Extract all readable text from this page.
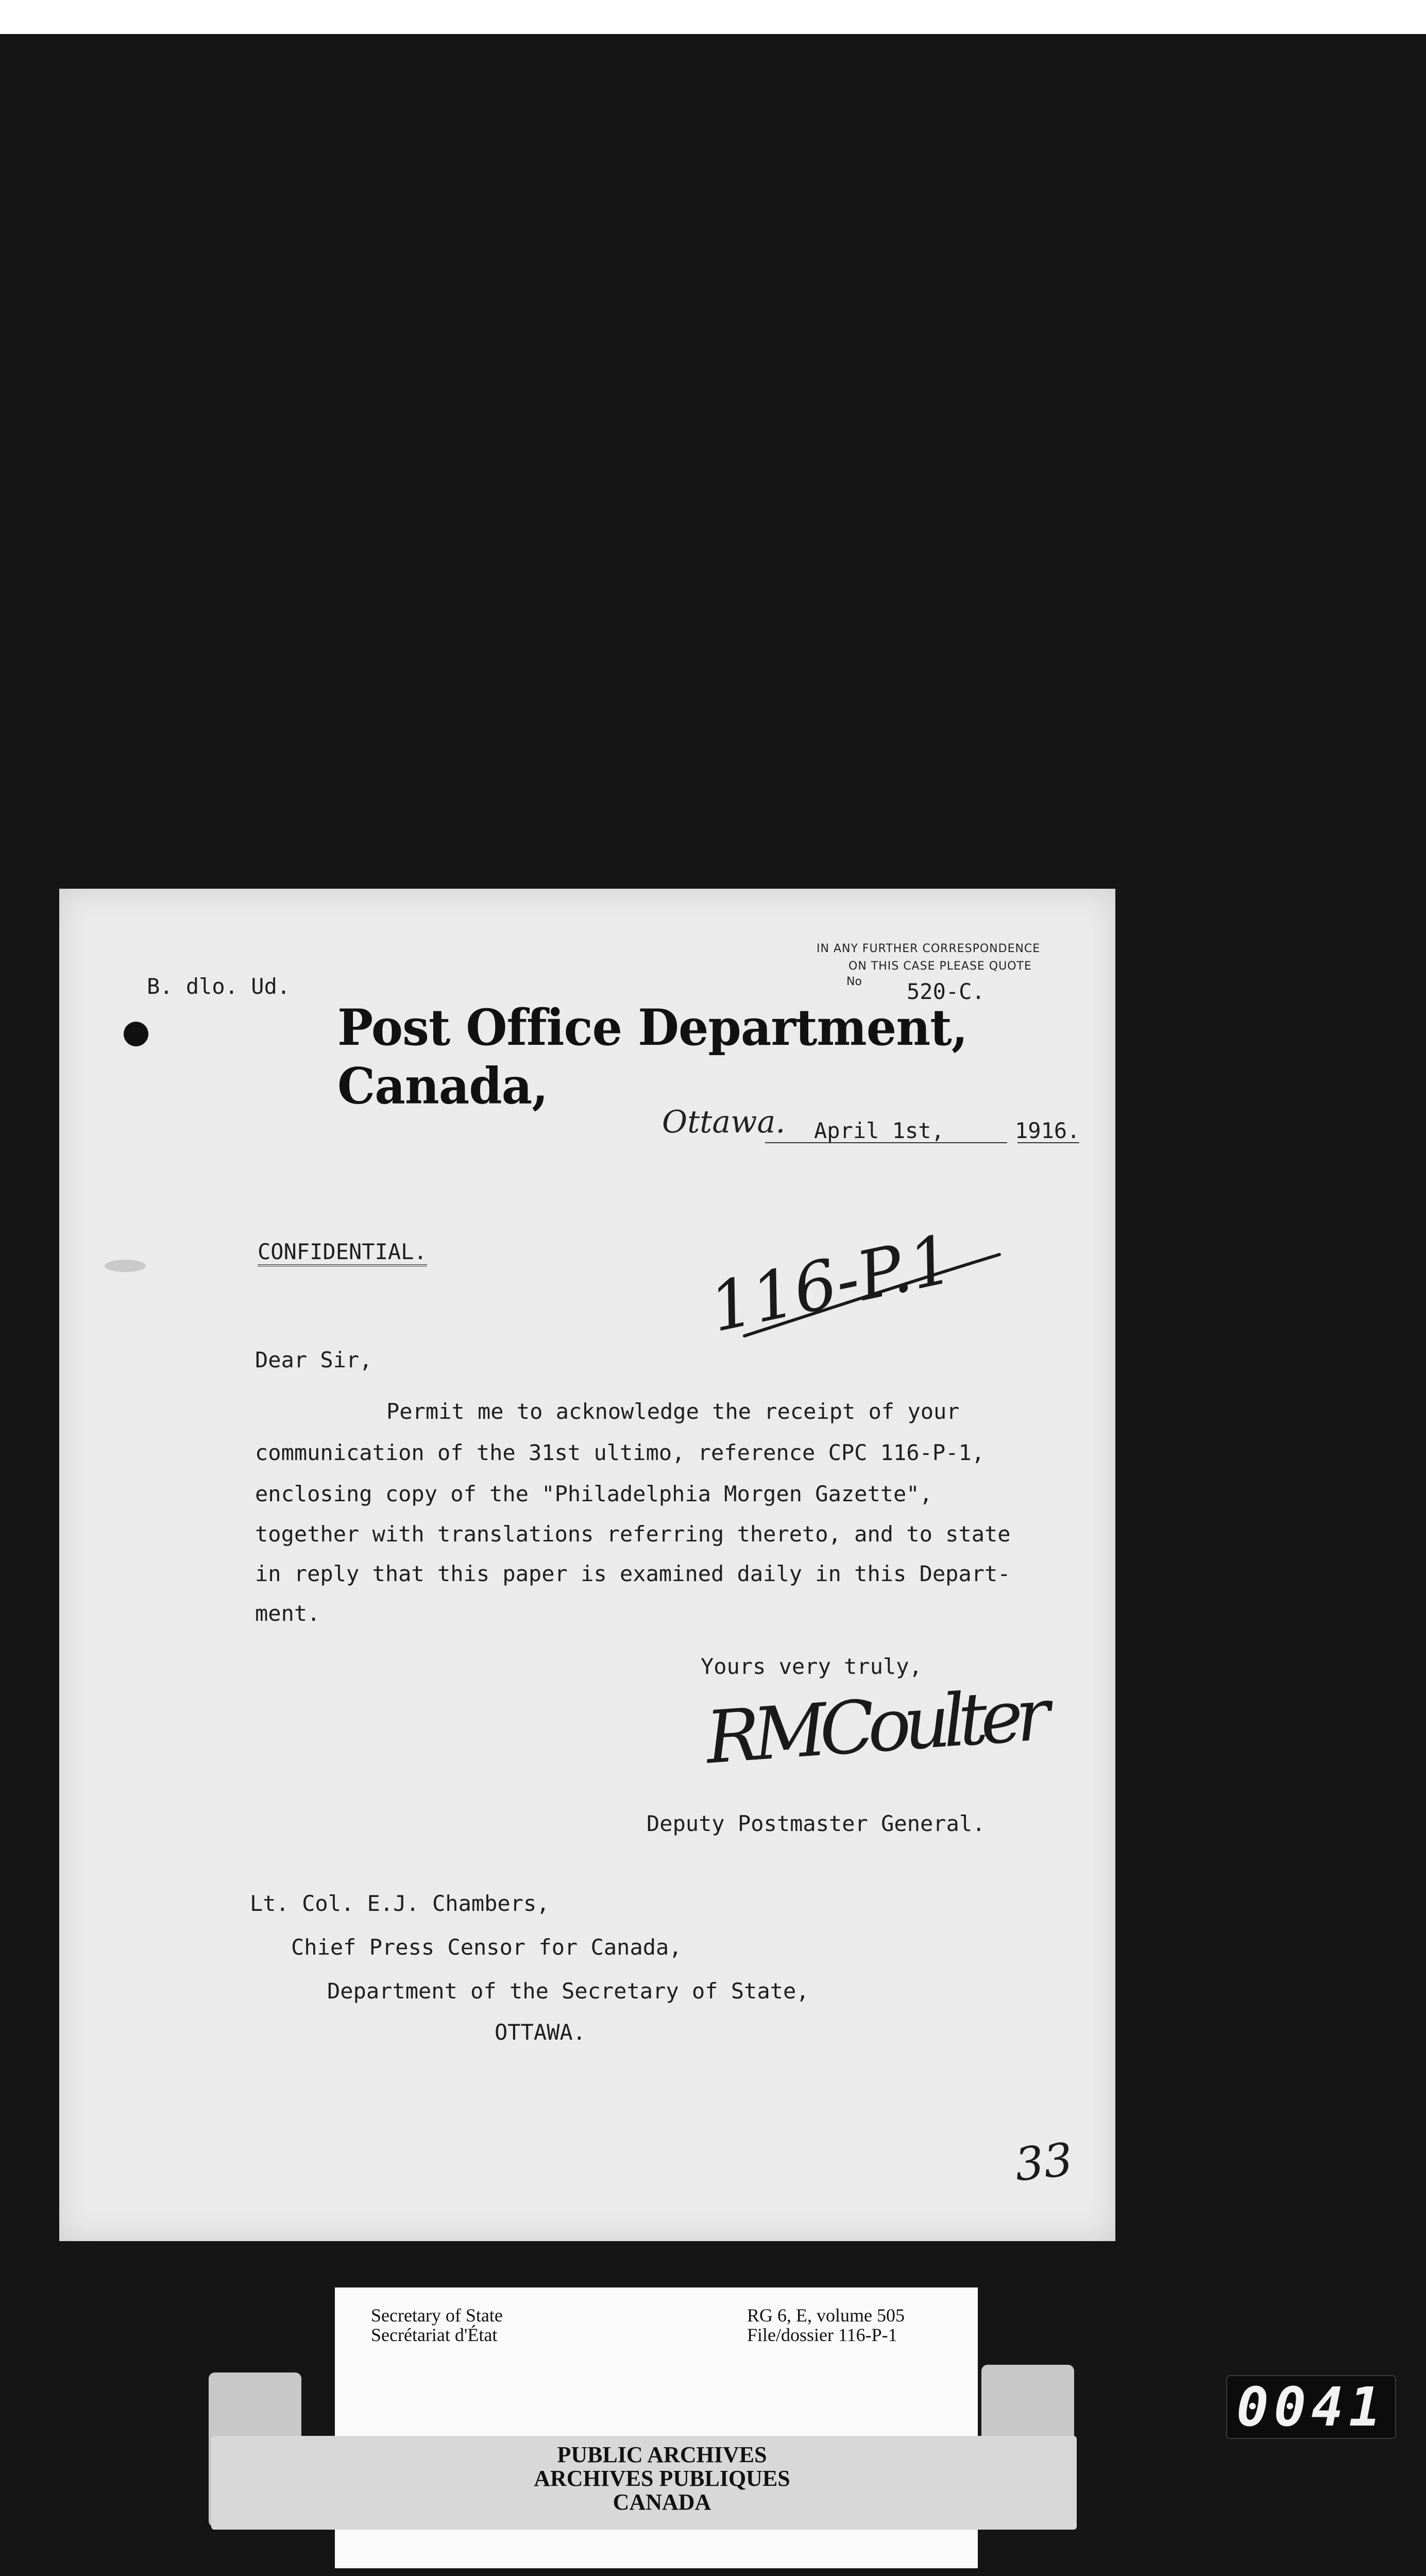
B. dlo. Ud.
IN ANY FURTHER CORRESPONDENCE
ON THIS CASE PLEASE QUOTE
No 520-C.
Post Office Department, Canada,
Ottawa. April 1st,	1916.
CONFIDENTIAL.	116-P.1
Dear Sir,
Permit me to acknowledge the receipt of your
communication of the 31st ultimo, reference CPC 116-P-1,
enclosing copy of the "Philadelphia Morgen Gazette",
together with translations referring thereto, and to state
in reply that this paper is examined daily in this Depart-
ment.
Yours very truly,
RMCoulter
Deputy Postmaster General.
Lt. Col. E.J. Chambers,
Chief Press Censor for Canada,
Department of the Secretary of State,
OTTAWA.
33
Secretary of State
Secrétariat d'État
RG 6, E, volume 505
File/dossier 116-P-1
PUBLIC ARCHIVES
ARCHIVES PUBLIQUES
CANADA
0041
